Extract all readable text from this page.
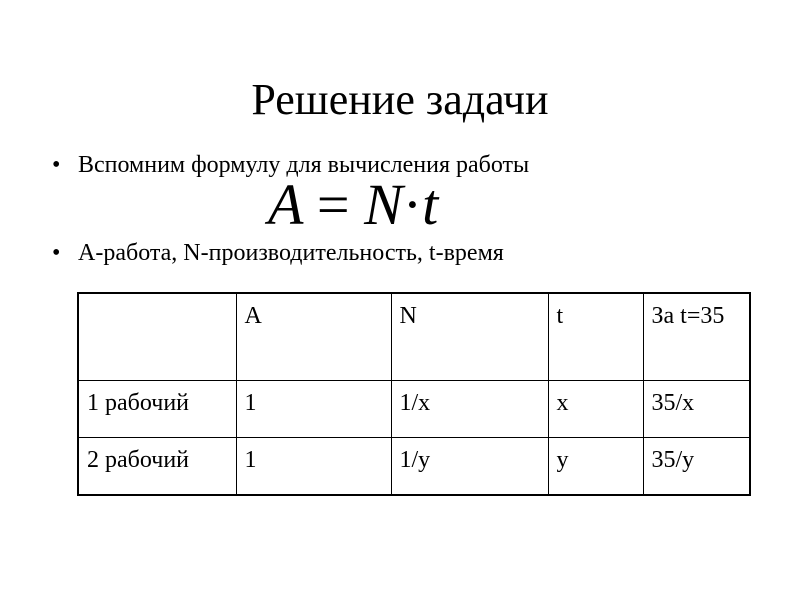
Решение задачи
• Вспомним формулу для вычисления работы
A = N·t
• А-работа, N-производительность, t-время
	A	N	t	За t=35
1 рабочий	1	1/x	x	35/x
2 рабочий	1	1/y	y	35/y
